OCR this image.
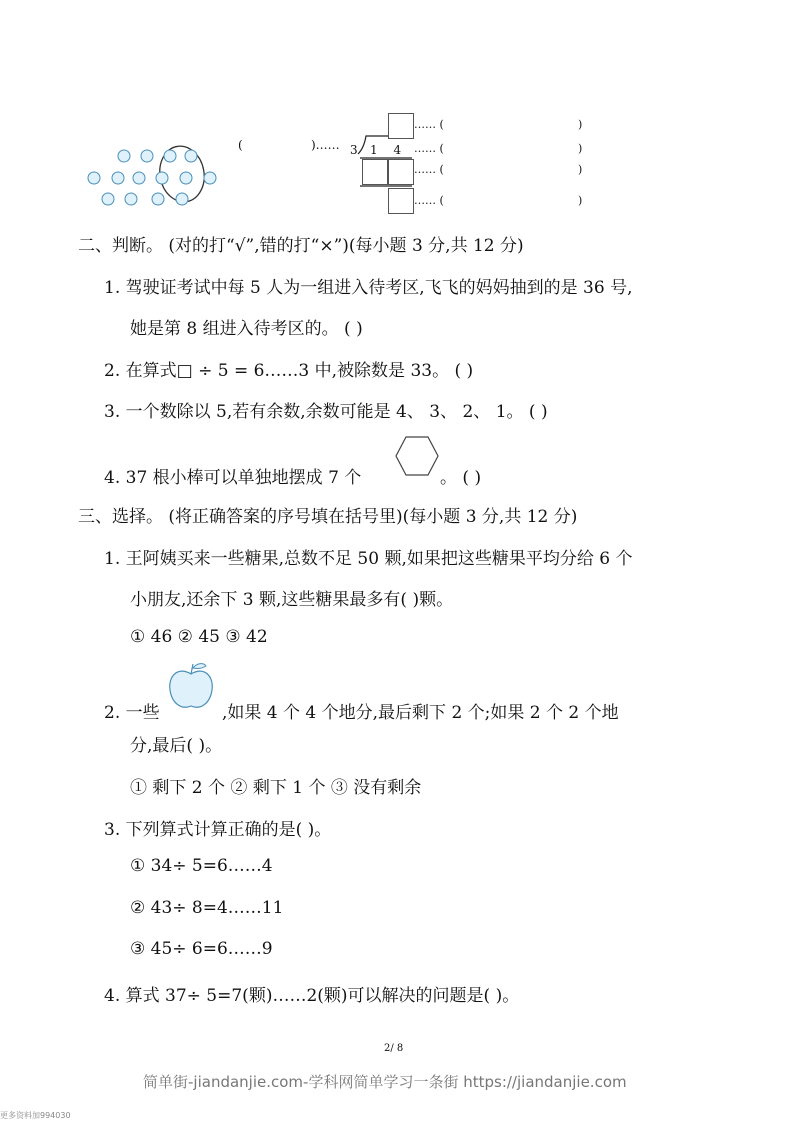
(	)…… 3 1 4
…… (	)
…… (	)
…… (	)
…… (	)
二、判断。 (对的打“√”,错的打“×”)(每小题 3 分,共 12 分)
1. 驾驶证考试中每 5 人为一组进入待考区,飞飞的妈妈抽到的是 36 号,
她是第 8 组进入待考区的。 ( )
2. 在算式□ ÷ 5 = 6……3 中,被除数是 33。 ( )
3. 一个数除以 5,若有余数,余数可能是 4、 3、 2、 1。 ( )
4. 37 根小棒可以单独地摆成 7 个	。 ( )
三、选择。 (将正确答案的序号填在括号里)(每小题 3 分,共 12 分)
1. 王阿姨买来一些糖果,总数不足 50 颗,如果把这些糖果平均分给 6 个
小朋友,还余下 3 颗,这些糖果最多有( )颗。
① 46 ② 45 ③ 42
2. 一些	,如果 4 个 4 个地分,最后剩下 2 个;如果 2 个 2 个地
分,最后( )。
① 剩下 2 个 ② 剩下 1 个 ③ 没有剩余
3. 下列算式计算正确的是( )。
① 34÷ 5=6……4
② 43÷ 8=4……11
③ 45÷ 6=6……9
4. 算式 37÷ 5=7(颗)……2(颗)可以解决的问题是( )。
2/ 8
简单街-jiandanjie.com-学科网简单学习一条街 https://jiandanjie.com
更多资料加994030
